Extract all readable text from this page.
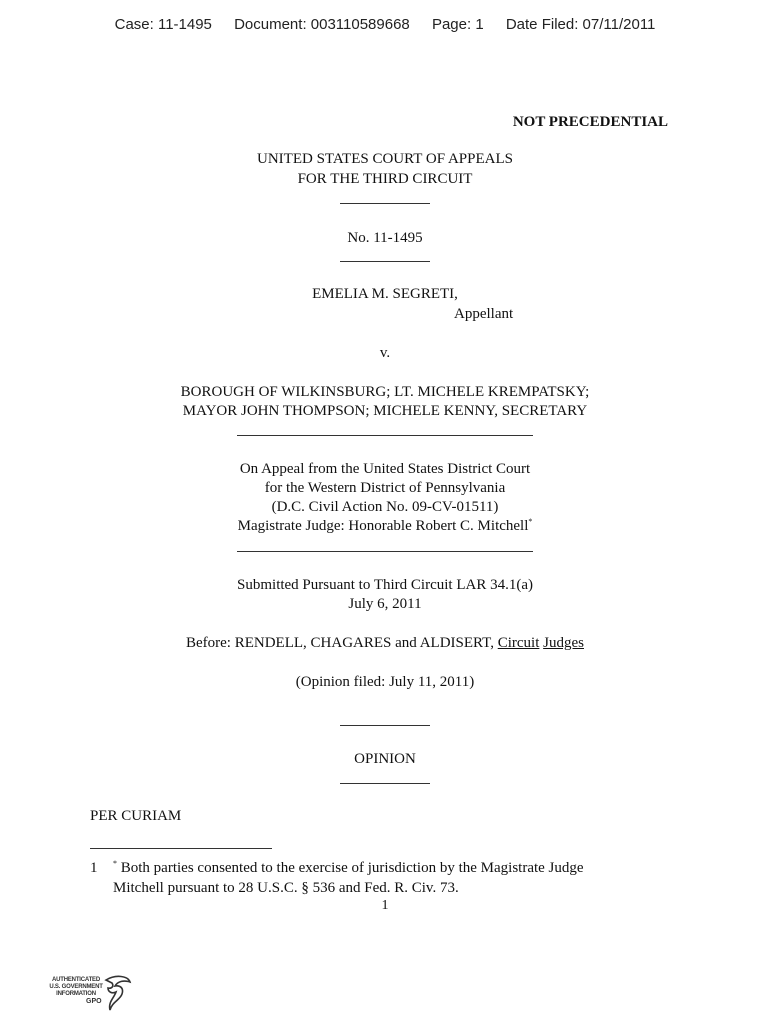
Case: 11-1495 Document: 003110589668 Page: 1 Date Filed: 07/11/2011
NOT PRECEDENTIAL
UNITED STATES COURT OF APPEALS
FOR THE THIRD CIRCUIT
No. 11-1495
EMELIA M. SEGRETI,
Appellant
v.
BOROUGH OF WILKINSBURG; LT. MICHELE KREMPATSKY;
MAYOR JOHN THOMPSON; MICHELE KENNY, SECRETARY
On Appeal from the United States District Court
for the Western District of Pennsylvania
(D.C. Civil Action No. 09-CV-01511)
Magistrate Judge: Honorable Robert C. Mitchell*
Submitted Pursuant to Third Circuit LAR 34.1(a)
July 6, 2011
Before: RENDELL, CHAGARES and ALDISERT, Circuit Judges
(Opinion filed: July 11, 2011)
OPINION
PER CURIAM
1 * Both parties consented to the exercise of jurisdiction by the Magistrate Judge
Mitchell pursuant to 28 U.S.C. § 536 and Fed. R. Civ. 73.
1
AUTHENTICATED
U.S. GOVERNMENT
INFORMATION
GPO
